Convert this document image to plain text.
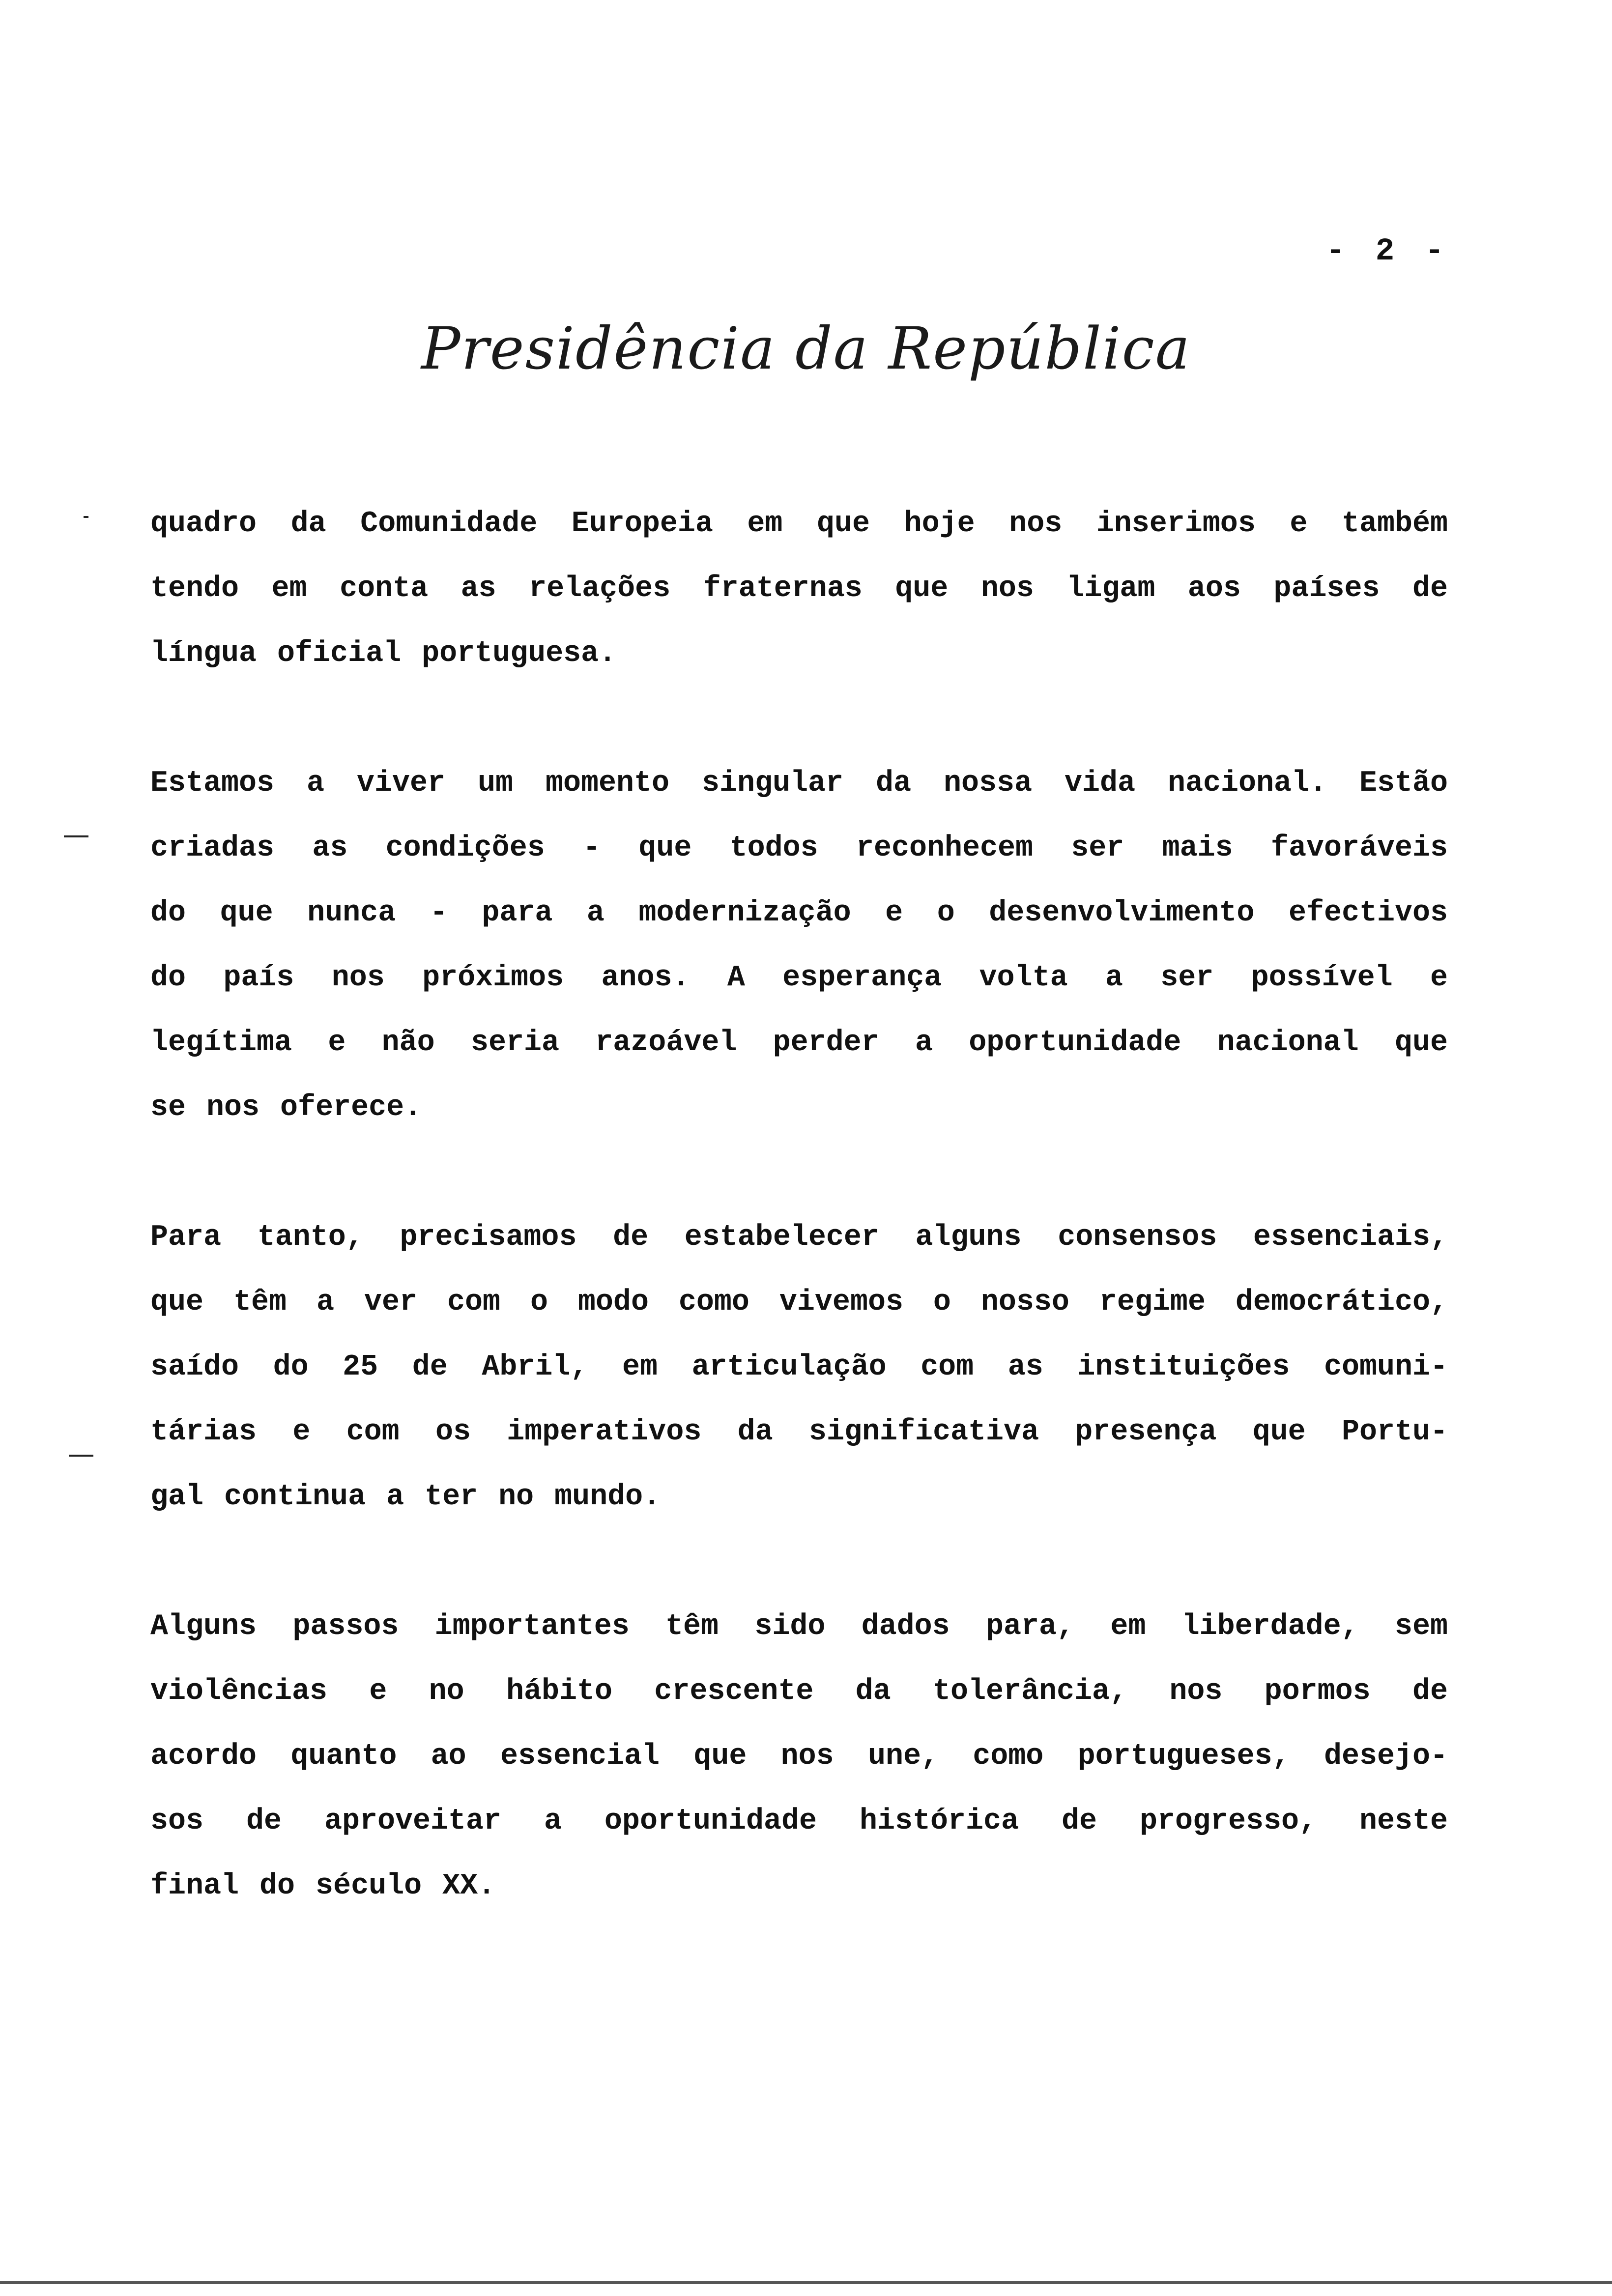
- 2 -
Presidência da República
quadro da Comunidade Europeia em que hoje nos inserimos e também
tendo em conta as relações fraternas que nos ligam aos países de
língua oficial portuguesa.
Estamos a viver um momento singular da nossa vida nacional. Estão
criadas as condições - que todos reconhecem ser mais favoráveis
do que nunca - para a modernização e o desenvolvimento efectivos
do país nos próximos anos. A esperança volta a ser possível e
legítima e não seria razoável perder a oportunidade nacional que
se nos oferece.
Para tanto, precisamos de estabelecer alguns consensos essenciais,
que têm a ver com o modo como vivemos o nosso regime democrático,
saído do 25 de Abril, em articulação com as instituições comuni-
tárias e com os imperativos da significativa presença que Portu-
gal continua a ter no mundo.
Alguns passos importantes têm sido dados para, em liberdade, sem
violências e no hábito crescente da tolerância, nos pormos de
acordo quanto ao essencial que nos une, como portugueses, desejo-
sos de aproveitar a oportunidade histórica de progresso, neste
final do século XX.
